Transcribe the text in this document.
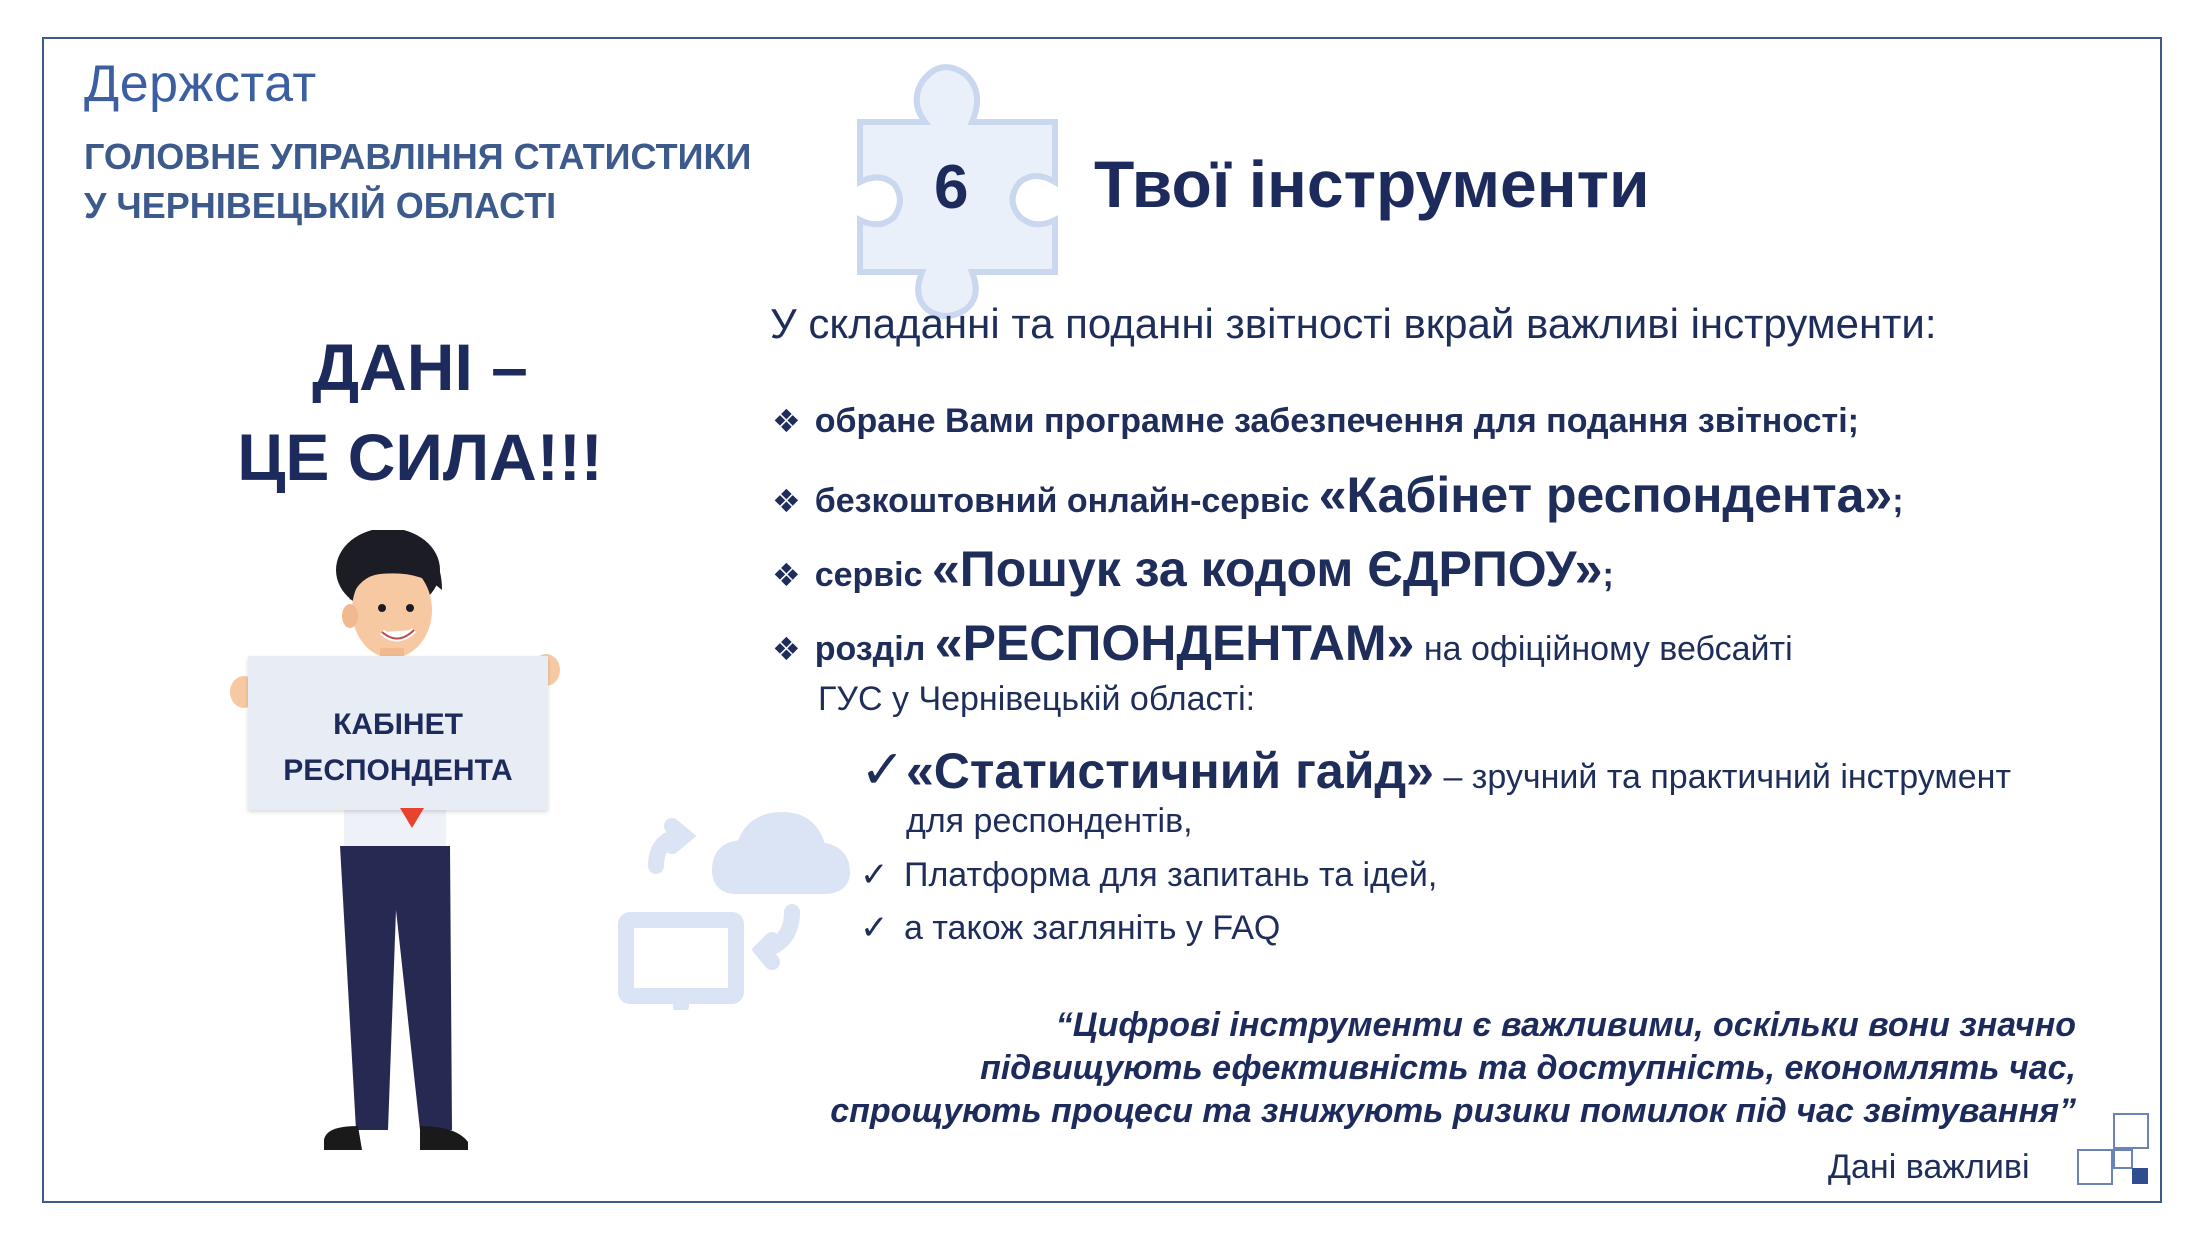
Держстат
ГОЛОВНЕ УПРАВЛІННЯ СТАТИСТИКИ
У ЧЕРНІВЕЦЬКІЙ ОБЛАСТІ
ДАНІ –
ЦЕ СИЛА!!!
КАБІНЕТ
РЕСПОНДЕНТА
6 Твої інструменти
У складанні та поданні звітності вкрай важливі інструменти:
❖ обране Вами програмне забезпечення для подання звітності;
❖ безкоштовний онлайн-сервіс «Кабінет респондента»;
❖ сервіс «Пошук за кодом ЄДРПОУ»;
❖ розділ «РЕСПОНДЕНТАМ» на офіційному вебсайті
ГУС у Чернівецькій області:
✓«Статистичний гайд» – зручний та практичний інструмент
для респондентів,
✓ Платформа для запитань та ідей,
✓ а також загляніть у FAQ
“Цифрові інструменти є важливими, оскільки вони значно
підвищують ефективність та доступність, економлять час,
спрощують процеси та знижують ризики помилок під час звітування”
Дані важливі
